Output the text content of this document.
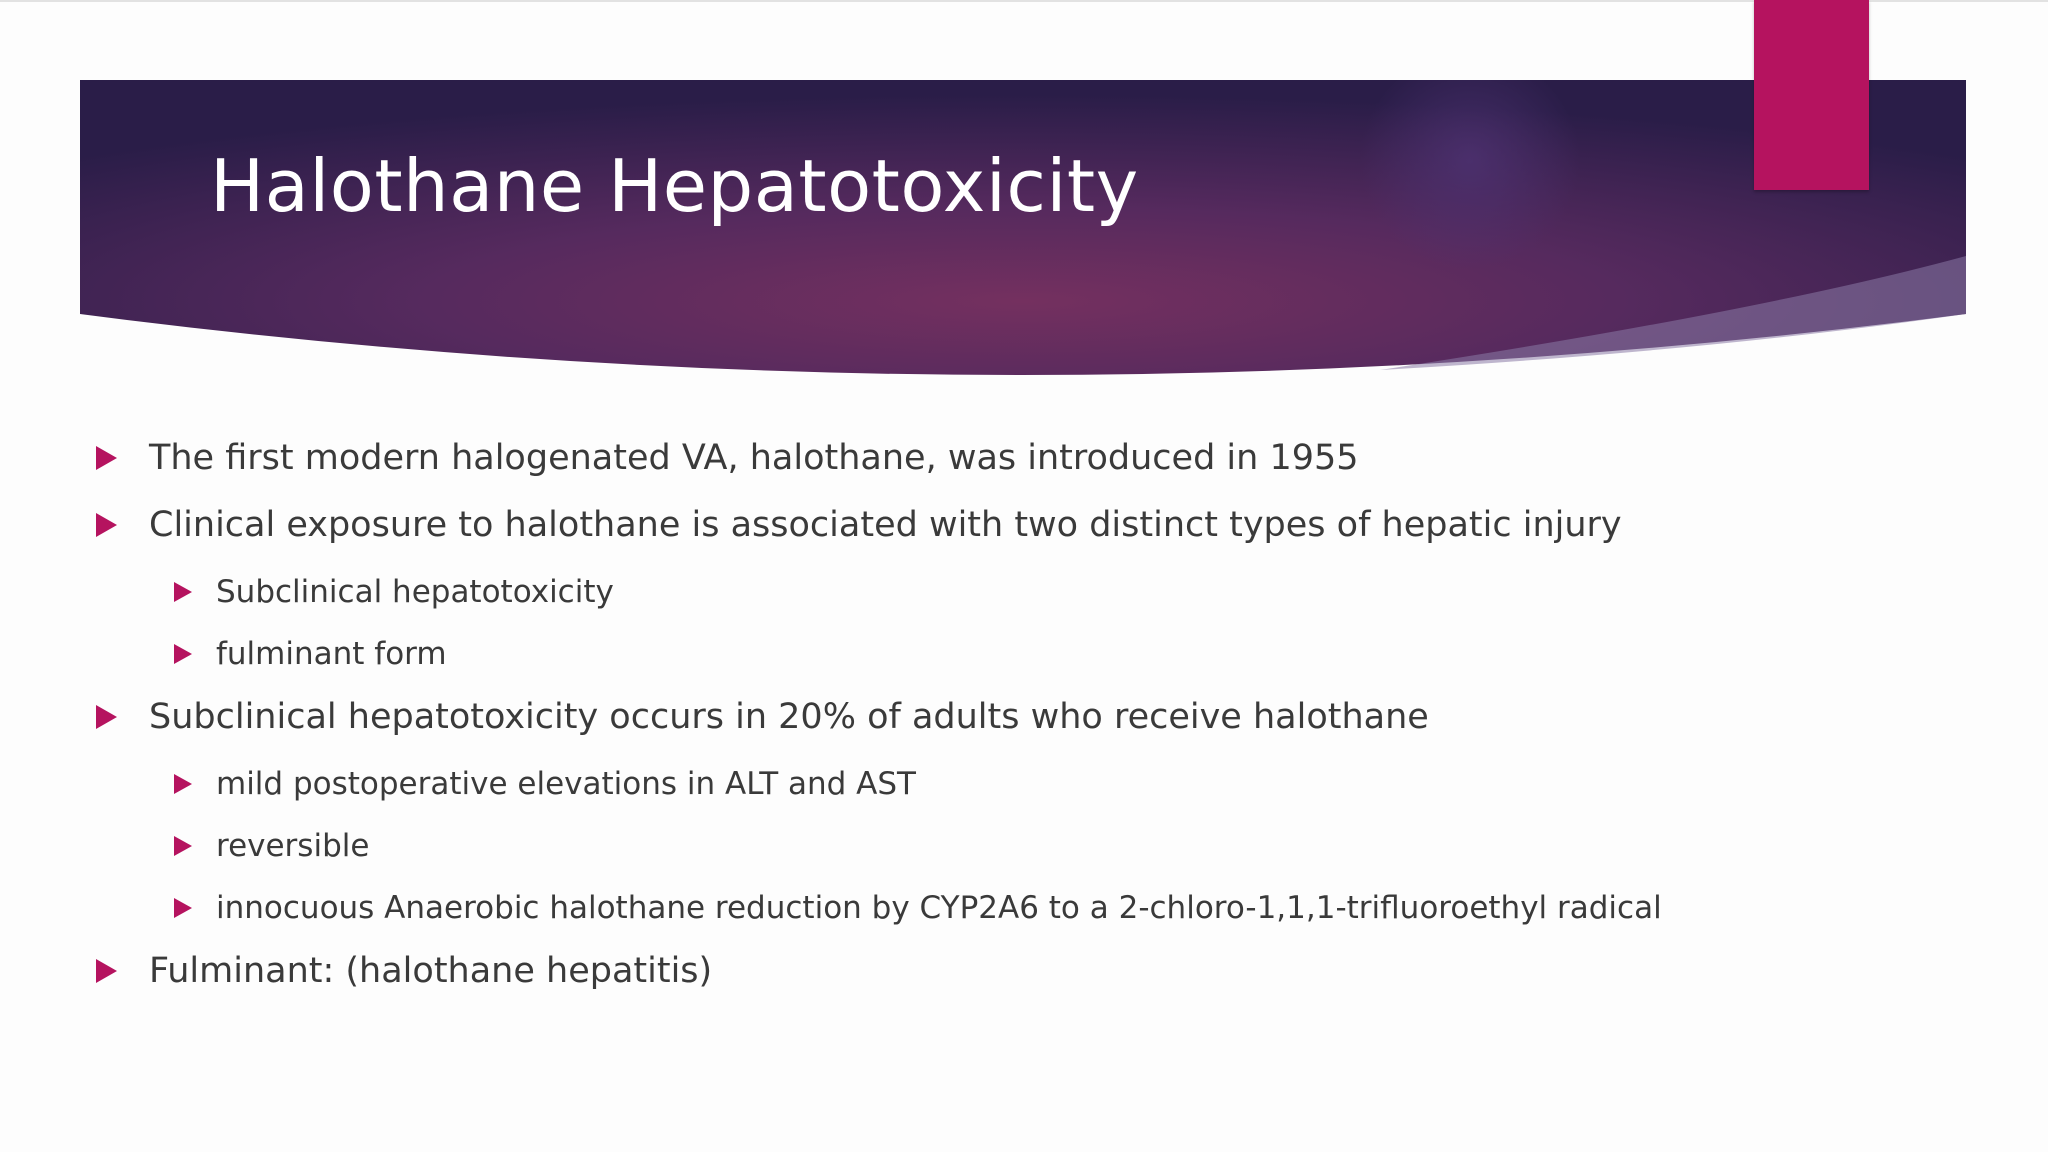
Halothane Hepatotoxicity
The first modern halogenated VA, halothane, was introduced in 1955
Clinical exposure to halothane is associated with two distinct types of hepatic injury
Subclinical hepatotoxicity
fulminant form
Subclinical hepatotoxicity occurs in 20% of adults who receive halothane
mild postoperative elevations in ALT and AST
reversible
innocuous Anaerobic halothane reduction by CYP2A6 to a 2-chloro-1,1,1-trifluoroethyl radical
Fulminant: (halothane hepatitis)
